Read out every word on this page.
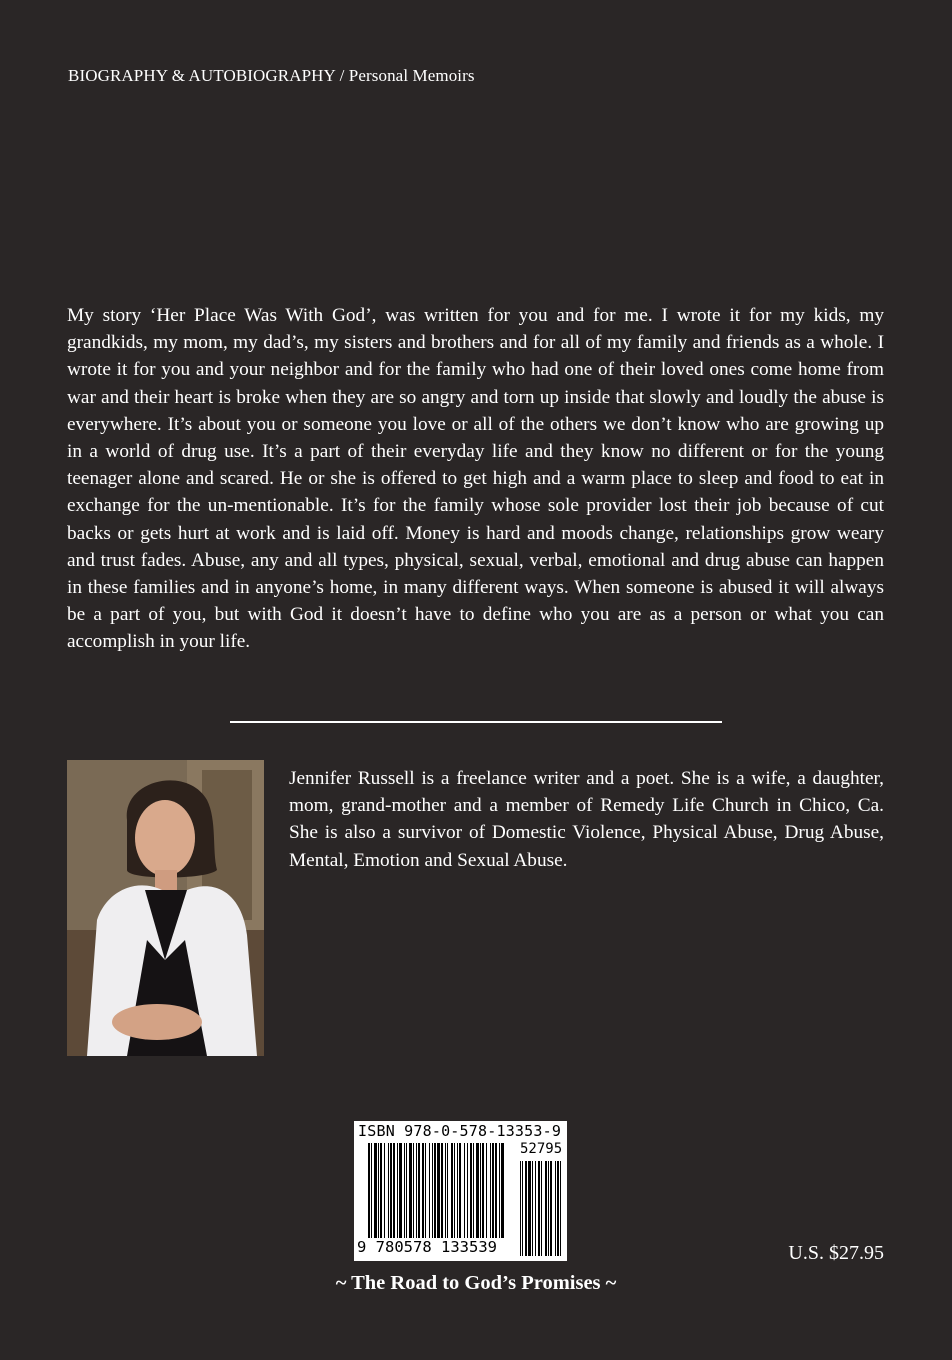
BIOGRAPHY & AUTOBIOGRAPHY / Personal Memoirs

My story ‘Her Place Was With God’, was written for you and for me. I wrote it for my kids, my grandkids, my mom, my dad’s, my sisters and brothers and for all of my family and friends as a whole. I wrote it for you and your neighbor and for the family who had one of their loved ones come home from war and their heart is broke when they are so angry and torn up inside that slowly and loudly the abuse is everywhere. It’s about you or someone you love or all of the others we don’t know who are growing up in a world of drug use. It’s a part of their everyday life and they know no different or for the young teenager alone and scared. He or she is offered to get high and a warm place to sleep and food to eat in exchange for the un-mentionable. It’s for the family whose sole provider lost their job because of cut backs or gets hurt at work and is laid off. Money is hard and moods change, relationships grow weary and trust fades. Abuse, any and all types, physical, sexual, verbal, emotional and drug abuse can happen in these families and in anyone’s home, in many different ways. When someone is abused it will always be a part of you, but with God it doesn’t have to define who you are as a person or what you can accomplish in your life.

Jennifer Russell is a freelance writer and a poet. She is a wife, a daughter, mom, grand-mother and a member of Remedy Life Church in Chico, Ca. She is also a survivor of Domestic Violence, Physical Abuse, Drug Abuse, Mental, Emotion and Sexual Abuse.

ISBN 978-0-578-13353-9
52795
9 780578 133539	U.S. $27.95
~ The Road to God’s Promises ~
